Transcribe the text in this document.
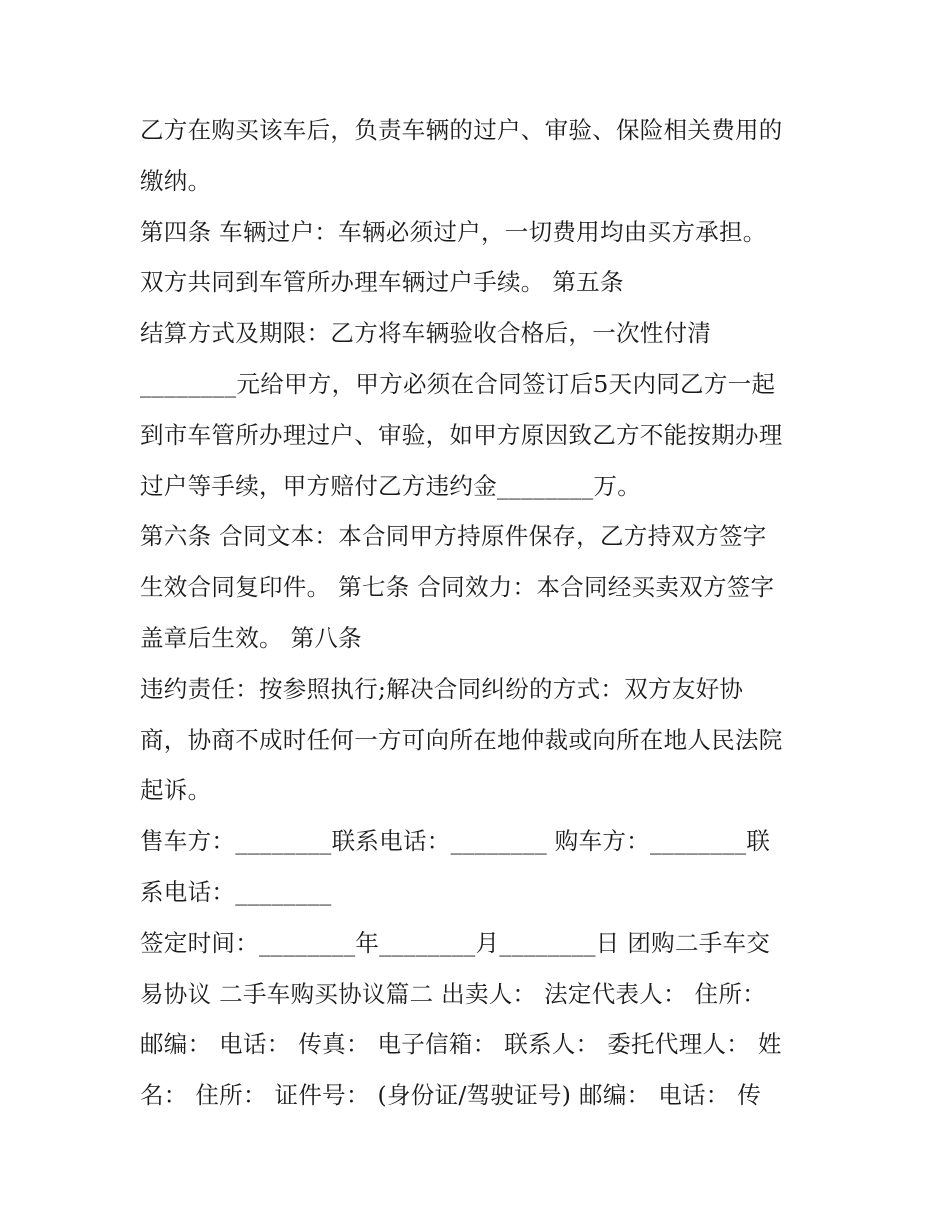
乙方在购买该车后，负责车辆的过户、审验、保险相关费用的
缴纳。
第四条 车辆过户：车辆必须过户，一切费用均由买方承担。
双方共同到车管所办理车辆过户手续。 第五条
结算方式及期限：乙方将车辆验收合格后，一次性付清
________元给甲方，甲方必须在合同签订后5天内同乙方一起
到市车管所办理过户、审验，如甲方原因致乙方不能按期办理
过户等手续，甲方赔付乙方违约金________万。
第六条 合同文本：本合同甲方持原件保存，乙方持双方签字
生效合同复印件。 第七条 合同效力：本合同经买卖双方签字
盖章后生效。 第八条
违约责任：按参照执行;解决合同纠纷的方式：双方友好协
商，协商不成时任何一方可向所在地仲裁或向所在地人民法院
起诉。
售车方：________联系电话：________ 购车方：________联
系电话：________
签定时间：________年________月________日 团购二手车交
易协议 二手车购买协议篇二 出卖人： 法定代表人： 住所：
邮编： 电话： 传真： 电子信箱： 联系人： 委托代理人： 姓
名： 住所： 证件号： (身份证/驾驶证号) 邮编： 电话： 传
